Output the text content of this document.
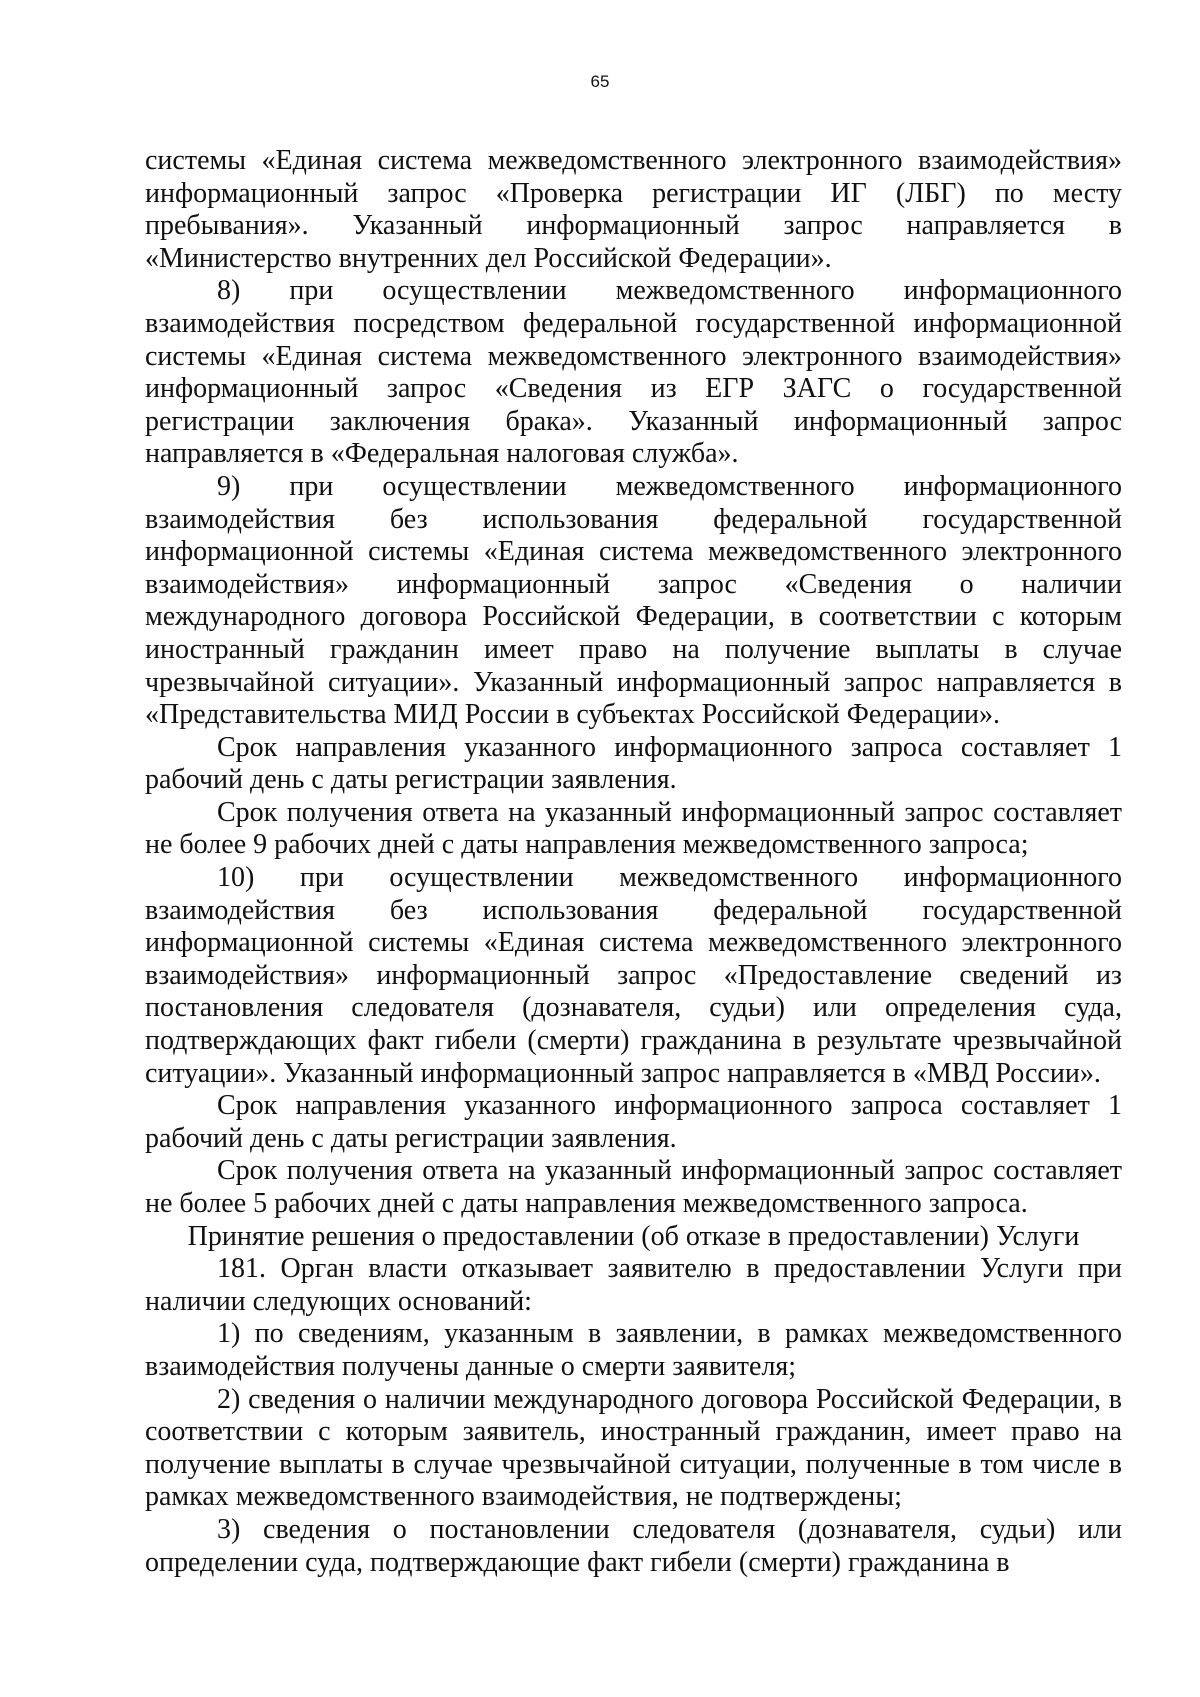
65

системы «Единая система межведомственного электронного взаимодействия» информационный запрос «Проверка регистрации ИГ (ЛБГ) по месту пребывания». Указанный информационный запрос направляется в «Министерство внутренних дел Российской Федерации».

8) при осуществлении межведомственного информационного взаимодействия посредством федеральной государственной информационной системы «Единая система межведомственного электронного взаимодействия» информационный запрос «Сведения из ЕГР ЗАГС о государственной регистрации заключения брака». Указанный информационный запрос направляется в «Федеральная налоговая служба».

9) при осуществлении межведомственного информационного взаимодействия без использования федеральной государственной информационной системы «Единая система межведомственного электронного взаимодействия» информационный запрос «Сведения о наличии международного договора Российской Федерации, в соответствии с которым иностранный гражданин имеет право на получение выплаты в случае чрезвычайной ситуации». Указанный информационный запрос направляется в «Представительства МИД России в субъектах Российской Федерации».

Срок направления указанного информационного запроса составляет 1 рабочий день с даты регистрации заявления.

Срок получения ответа на указанный информационный запрос составляет не более 9 рабочих дней с даты направления межведомственного запроса;

10) при осуществлении межведомственного информационного взаимодействия без использования федеральной государственной информационной системы «Единая система межведомственного электронного взаимодействия» информационный запрос «Предоставление сведений из постановления следователя (дознавателя, судьи) или определения суда, подтверждающих факт гибели (смерти) гражданина в результате чрезвычайной ситуации». Указанный информационный запрос направляется в «МВД России».

Срок направления указанного информационного запроса составляет 1 рабочий день с даты регистрации заявления.

Срок получения ответа на указанный информационный запрос составляет не более 5 рабочих дней с даты направления межведомственного запроса.

Принятие решения о предоставлении (об отказе в предоставлении) Услуги

181. Орган власти отказывает заявителю в предоставлении Услуги при наличии следующих оснований:

1) по сведениям, указанным в заявлении, в рамках межведомственного взаимодействия получены данные о смерти заявителя;

2) сведения о наличии международного договора Российской Федерации, в соответствии с которым заявитель, иностранный гражданин, имеет право на получение выплаты в случае чрезвычайной ситуации, полученные в том числе в рамках межведомственного взаимодействия, не подтверждены;

3) сведения о постановлении следователя (дознавателя, судьи) или определении суда, подтверждающие факт гибели (смерти) гражданина в
